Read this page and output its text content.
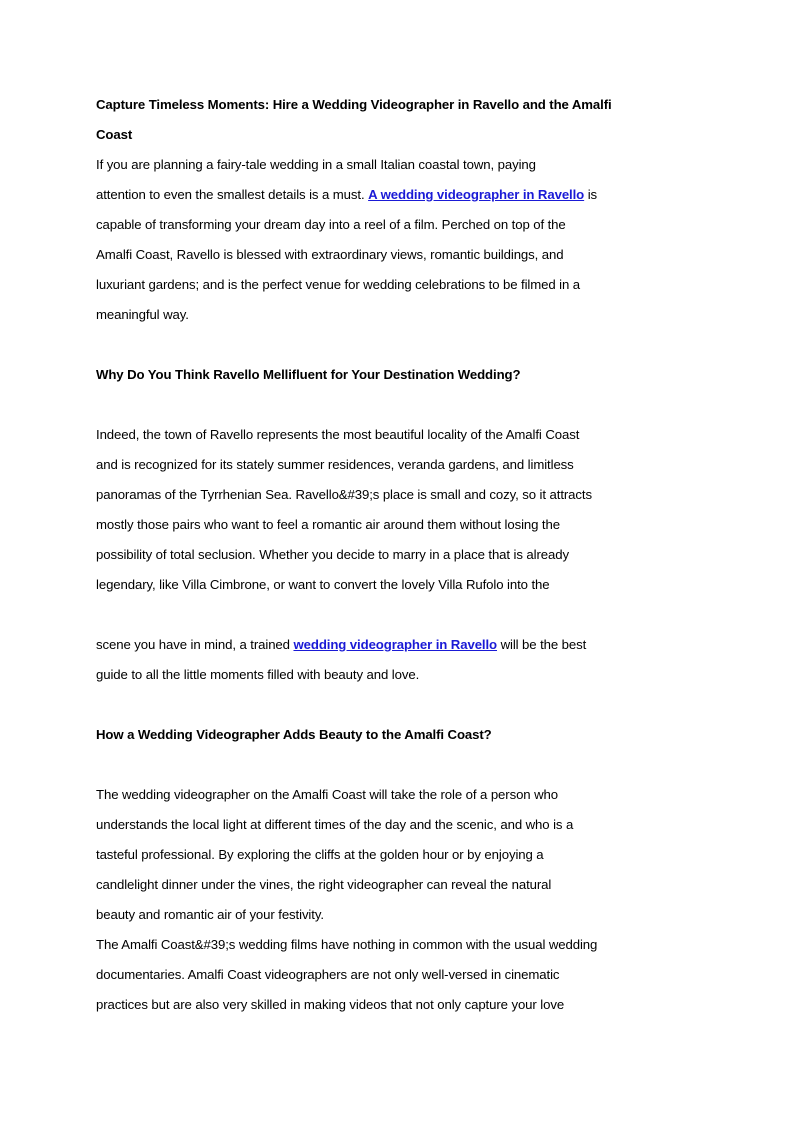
Capture Timeless Moments: Hire a Wedding Videographer in Ravello and the Amalfi
Coast
If you are planning a fairy-tale wedding in a small Italian coastal town, paying
attention to even the smallest details is a must. A wedding videographer in Ravello is
capable of transforming your dream day into a reel of a film. Perched on top of the
Amalfi Coast, Ravello is blessed with extraordinary views, romantic buildings, and
luxuriant gardens; and is the perfect venue for wedding celebrations to be filmed in a
meaningful way.
Why Do You Think Ravello Mellifluent for Your Destination Wedding?
Indeed, the town of Ravello represents the most beautiful locality of the Amalfi Coast
and is recognized for its stately summer residences, veranda gardens, and limitless
panoramas of the Tyrrhenian Sea. Ravello&#39;s place is small and cozy, so it attracts
mostly those pairs who want to feel a romantic air around them without losing the
possibility of total seclusion. Whether you decide to marry in a place that is already
legendary, like Villa Cimbrone, or want to convert the lovely Villa Rufolo into the
scene you have in mind, a trained wedding videographer in Ravello will be the best
guide to all the little moments filled with beauty and love.
How a Wedding Videographer Adds Beauty to the Amalfi Coast?
The wedding videographer on the Amalfi Coast will take the role of a person who
understands the local light at different times of the day and the scenic, and who is a
tasteful professional. By exploring the cliffs at the golden hour or by enjoying a
candlelight dinner under the vines, the right videographer can reveal the natural
beauty and romantic air of your festivity.
The Amalfi Coast&#39;s wedding films have nothing in common with the usual wedding
documentaries. Amalfi Coast videographers are not only well-versed in cinematic
practices but are also very skilled in making videos that not only capture your love
